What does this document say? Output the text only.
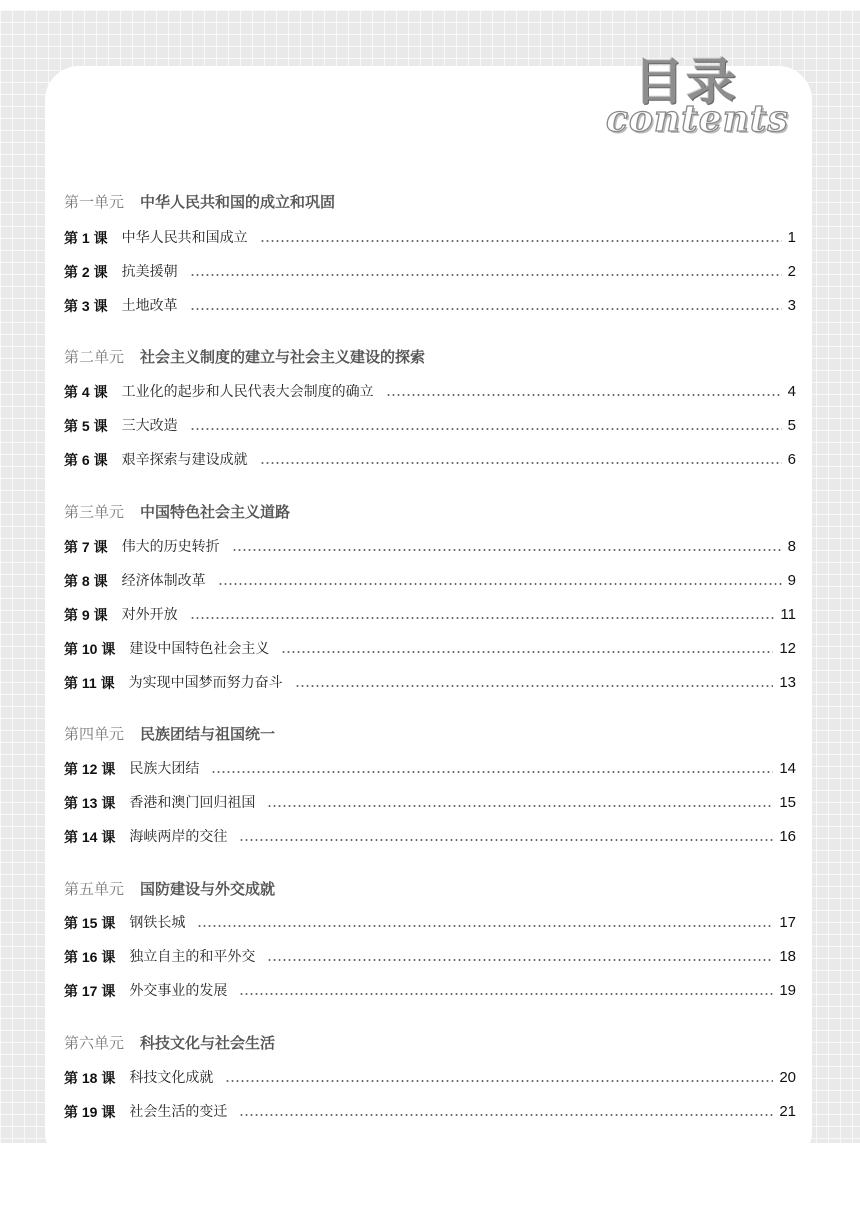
目录
contents
第一单元 中华人民共和国的成立和巩固
第 1 课 中华人民共和国成立	1
第 2 课 抗美援朝	2
第 3 课 土地改革	3
第二单元 社会主义制度的建立与社会主义建设的探索
第 4 课 工业化的起步和人民代表大会制度的确立	4
第 5 课 三大改造	5
第 6 课 艰辛探索与建设成就	6
第三单元 中国特色社会主义道路
第 7 课 伟大的历史转折	8
第 8 课 经济体制改革	9
第 9 课 对外开放	11
第 10 课 建设中国特色社会主义	12
第 11 课 为实现中国梦而努力奋斗	13
第四单元 民族团结与祖国统一
第 12 课 民族大团结	14
第 13 课 香港和澳门回归祖国	15
第 14 课 海峡两岸的交往	16
第五单元 国防建设与外交成就
第 15 课 钢铁长城	17
第 16 课 独立自主的和平外交	18
第 17 课 外交事业的发展	19
第六单元 科技文化与社会生活
第 18 课 科技文化成就	20
第 19 课 社会生活的变迁	21
